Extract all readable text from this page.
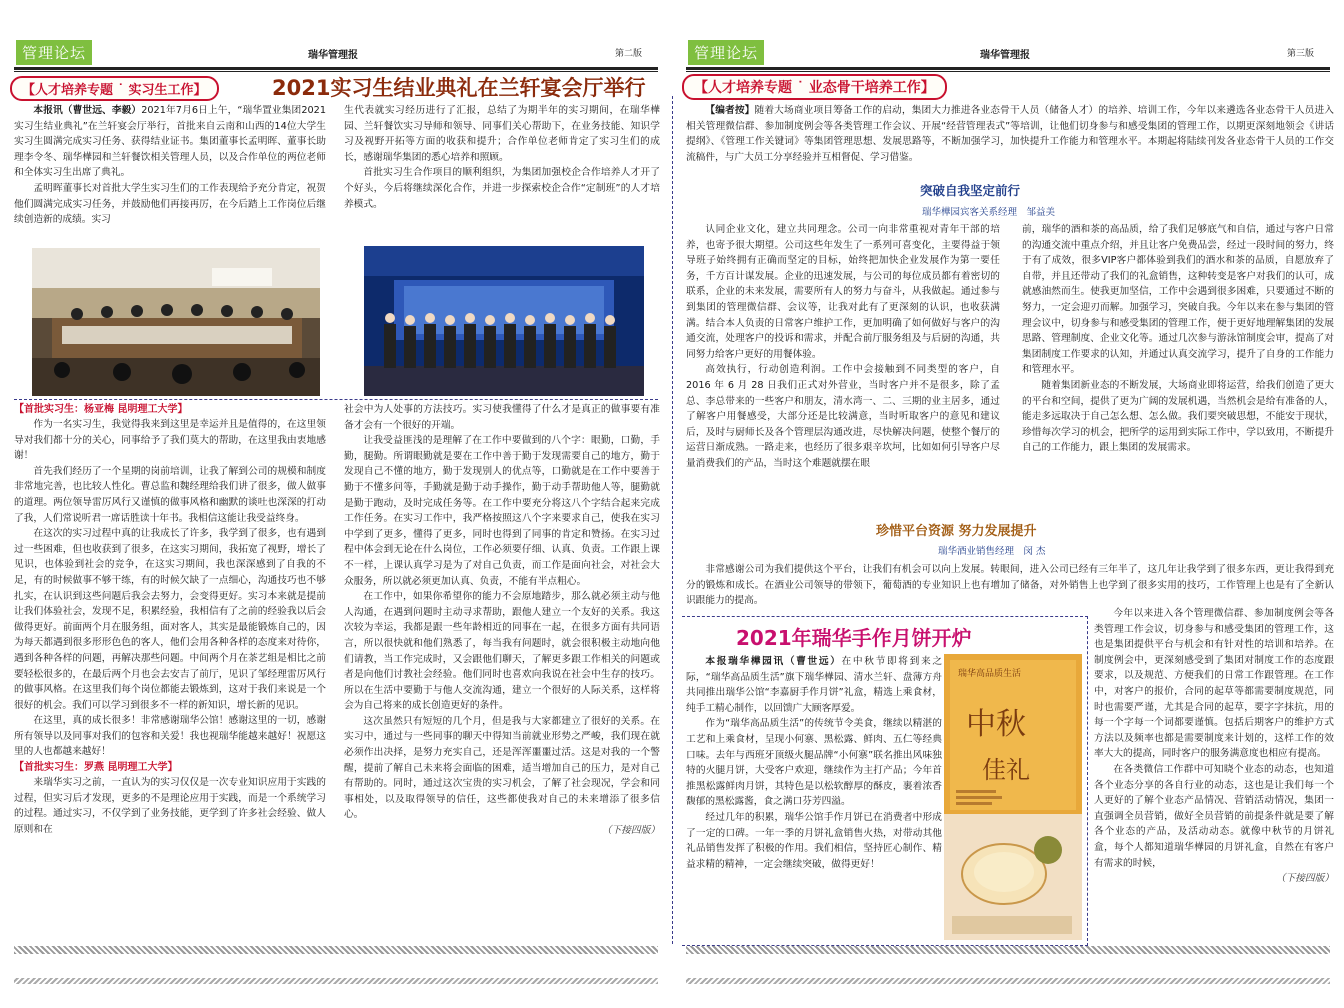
管理论坛	瑞华管理报	第二版
【人才培养专题 ˙ 实习生工作】	2021实习生结业典礼在兰轩宴会厅举行

本报讯（曹世远、李毅）2021年7月6日上午，“瑞华置业集团2021实习生结业典礼”在兰轩宴会厅举行，首批来自云南和山西的14位大学生实习生圆满完成实习任务、获得结业证书。集团董事长孟明晖、董事长助理李令冬、瑞华樺园和兰轩餐饮相关管理人员，以及合作单位的两位老师和全体实习生出席了典礼。

孟明晖董事长对首批大学生实习生们的工作表现给予充分肯定，祝贺他们圆满完成实习任务，并鼓励他们再接再厉，在今后踏上工作岗位后继续创造新的成绩。实习

生代表就实习经历进行了汇报，总结了为期半年的实习期间，在瑞华樺园、兰轩餐饮实习导师和领导、同事们关心帮助下，在业务技能、知识学习及视野开拓等方面的收获和提升；合作单位老师肯定了实习生们的成长，感谢瑞华集团的悉心培养和照顾。

首批实习生合作项目的顺利组织，为集团加强校企合作培养人才开了个好头，今后将继续深化合作，并进一步探索校企合作“定制班”的人才培养模式。

【首批实习生：杨亚梅 昆明理工大学】

作为一名实习生，我觉得我来到这里是幸运并且是值得的，在这里领导对我们都十分的关心，同事给予了我们莫大的帮助，在这里我由衷地感谢！

首先我们经历了一个星期的岗前培训，让我了解到公司的规模和制度非常地完善，也比较人性化。曹总监和魏经理给我们讲了很多，做人做事的道理。两位领导雷厉风行又谨慎的做事风格和幽默的谈吐也深深的打动了我，人们常说听君一席话胜读十年书。我相信这能让我受益终身。

在这次的实习过程中真的让我成长了许多，我学到了很多，也有遇到过一些困难，但也收获到了很多，在这实习期间，我拓宽了视野，增长了见识，也体验到社会的竞争，在这实习期间，我也深深感到了自我的不足，有的时候做事不够干练，有的时候欠缺了一点细心，沟通技巧也不够扎实，在认识到这些问题后我会去努力，会变得更好。实习本来就是提前让我们体验社会，发现不足，积累经验，我相信有了之前的经验我以后会做得更好。前面两个月在服务组，面对客人，其实是最能锻炼自己的，因为每天都遇到很多形形色色的客人，他们会用各种各样的态度来对待你，遇到各种各样的问题，再解决那些问题。中间两个月在茶艺组是相比之前要轻松很多的，在最后两个月也会去安吉了前厅，见识了邹经理雷厉风行的做事风格。在这里我们每个岗位都能去锻炼到，这对于我们来说是一个很好的机会。我们可以学习到很多不一样的新知识，增长新的见识。

在这里，真的成长很多！非常感谢瑞华公馆！感谢这里的一切，感谢所有领导以及同事对我们的包容和关爱！我也视瑞华能越来越好！祝愿这里的人也都越来越好！

【首批实习生：罗燕 昆明理工大学】

来瑞华实习之前，一直认为的实习仅仅是一次专业知识应用于实践的过程，但实习后才发现，更多的不是理论应用于实践，而是一个系统学习的过程。通过实习，不仅学到了业务技能，更学到了许多社会经验、做人原则和在

社会中为人处事的方法技巧。实习使我懂得了什么才是真正的做事要有准备才会有一个很好的开端。

让我受益匪浅的是理解了在工作中要做到的八个字：眼勤，口勤，手勤，腿勤。所谓眼勤就是要在工作中善于勤于发现需要自己的地方，勤于发现自己不懂的地方，勤于发现别人的优点等，口勤就是在工作中要善于勤于不懂多问等，手勤就是勤于动手操作，勤于动手帮助他人等，腿勤就是勤于跑动，及时完成任务等。在工作中要充分将这八个字结合起来完成工作任务。在实习工作中，我严格按照这八个字来要求自己，使我在实习中学到了更多，懂得了更多，同时也得到了同事的肯定和赞扬。在实习过程中体会到无论在什么岗位，工作必须要仔细、认真、负责。工作跟上课不一样，上课认真学习是为了对自己负责，而工作是面向社会，对社会大众服务，所以就必须更加认真、负责，不能有半点粗心。

在工作中，如果你希望你的能力不会原地踏步，那么就必须主动与他人沟通，在遇到问题时主动寻求帮助，跟他人建立一个友好的关系。我这次较为幸运，我都是跟一些年龄相近的同事在一起，在很多方面有共同语言，所以很快就和他们熟悉了，每当我有问题时，就会很积极主动地向他们请教，当工作完成时，又会跟他们聊天，了解更多跟工作相关的问题或者是向他们讨教社会经验。他们同时也喜欢向我说在社会中生存的技巧。所以在生活中要勤于与他人交流沟通，建立一个很好的人际关系，这样将会为自己将来的成长创造更好的条件。

这次虽然只有短短的几个月，但是我与大家都建立了很好的关系。在实习中，通过与一些同事的聊天中得知当前就业形势之严峻，我们现在就必须作出决择，是努力充实自己，还是浑浑噩噩过活。这是对我的一个警醒，提前了解自己未来将会面临的困难，适当增加自己的压力，是对自己有帮助的。同时，通过这次宝贵的实习机会，了解了社会现况，学会和同事相处，以及取得领导的信任，这些都使我对自己的未来增添了很多信心。

（下接四版）

管理论坛	瑞华管理报	第三版
【人才培养专题 ˙ 业态骨干培养工作】

【编者按】随着大场商业项目筹备工作的启动，集团大力推进各业态骨干人员（储备人才）的培养、培训工作，今年以来遴选各业态骨干人员进入相关管理微信群、参加制度例会等各类管理工作会议、开展“经营管理表式”等培训，让他们切身参与和感受集团的管理工作，以期更深刻地领会《讲话提纲》、《管理工作关键词》等集团管理思想、发展思路等，不断加强学习，加快提升工作能力和管理水平。本期起将陆续刊发各业态骨干人员的工作交流稿件，与广大员工分享经验并互相督促、学习借鉴。

突破自我坚定前行
瑞华樺园宾客关系经理　邹益美

认同企业文化，建立共同理念。公司一向非常重视对青年干部的培养，也寄予很大期望。公司这些年发生了一系列可喜变化，主要得益于领导班子始终拥有正确而坚定的目标，始终把加快企业发展作为第一要任务，千方百计谋发展。企业的迅速发展，与公司的每位成员都有着密切的联系，企业的未来发展，需要所有人的努力与奋斗，从我做起。通过参与到集团的管理微信群、会议等，让我对此有了更深刻的认识，也收获满满。结合本人负责的日常客户维护工作，更加明确了如何做好与客户的沟通交流，处理客户的投诉和需求，并配合前厅服务组及与后厨的沟通，共同努力给客户更好的用餐体验。

高效执行，行动创造利润。工作中会接触到不同类型的客户，自 2016 年 6 月 28 日我们正式对外营业，当时客户并不是很多，除了孟总、李总带来的一些客户和朋友，清水湾一、二、三期的业主居多，通过了解客户用餐感受，大部分还是比较满意，当时听取客户的意见和建议后，及时与厨师长及各个管理层沟通改进，尽快解决问题，使整个餐厅的运营日渐成熟。一路走来，也经历了很多艰辛坎坷，比如如何引导客户尽量消费我们的产品，当时这个难题就摆在眼

前，瑞华的酒和茶的高品质，给了我们足够底气和自信，通过与客户日常的沟通交流中重点介绍，并且让客户免费品尝，经过一段时间的努力，终于有了成效，很多VIP客户都体验到我们的酒水和茶的品质，自愿放弃了自带，并且还带动了我们的礼盒销售，这种转变是客户对我们的认可，成就感油然而生。使我更加坚信，工作中会遇到很多困难，只要通过不断的努力，一定会迎刃而解。加强学习，突破自我。今年以来在参与集团的管理会议中，切身参与和感受集团的管理工作，便于更好地理解集团的发展思路、管理制度、企业文化等。通过几次参与游泳馆制度会审，提高了对集团制度工作要求的认知，并通过认真交流学习，提升了自身的工作能力和管理水平。

随着集团新业态的不断发展，大场商业即将运营，给我们创造了更大的平台和空间，提供了更为广阔的发展机遇，当然机会是给有准备的人，能走多远取决于自己怎么想、怎么做。我们要突破思想，不能安于现状，珍惜每次学习的机会，把所学的运用到实际工作中，学以致用，不断提升自己的工作能力，跟上集团的发展需求。

珍惜平台资源 努力发展提升
瑞华酒业销售经理　闵 杰

非常感谢公司为我们提供这个平台，让我们有机会可以向上发展。转眼间，进入公司已经有三年半了，这几年让我学到了很多东西，更让我得到充分的锻炼和成长。在酒业公司领导的带领下，葡萄酒的专业知识上也有增加了储备，对外销售上也学到了很多实用的技巧，工作管理上也是有了全新认识跟能力的提高。

2021年瑞华手作月饼开炉

本报瑞华樺园讯（曹世远）在中秋节即将到来之际，“瑞华高品质生活”旗下瑞华樺园、清水兰轩、盘薄方舟共同推出瑞华公馆“李嘉厨手作月饼”礼盒，精选上乘食材，纯手工精心制作，以回馈广大顾客厚爱。

作为“瑞华高品质生活”的传统节令美食，继续以精湛的工艺和上乘食材，呈现小何寨、黑松露、鲜肉、五仁等经典口味。去年与西班牙顶级火腿品牌“小何寨”联名推出风味独特的火腿月饼，大受客户欢迎，继续作为主打产品；今年首推黑松露鲜肉月饼，其特色是以松软醇厚的酥皮，裹着浓香馥郁的黑松露酱，食之满口芬芳四溢。

经过几年的积累，瑞华公馆手作月饼已在消费者中形成了一定的口碑。一年一季的月饼礼盒销售火热，对带动其他礼品销售发挥了积极的作用。我们相信，坚持匠心制作、精益求精的精神，一定会继续突破，做得更好！

瑞华高品质生活
中秋
佳礼

今年以来进入各个管理微信群、参加制度例会等各类管理工作会议，切身参与和感受集团的管理工作，这也是集团提供平台与机会和有针对性的培训和培养。在制度例会中，更深刻感受到了集团对制度工作的态度跟要求，以及规范、方便我们的日常工作跟管理。在工作中，对客户的报价，合同的起草等都需要制度规范，同时也需要严谨，尤其是合同的起草，要字字抹抗，用的每一个字每一个词都要谨慎。包括后期客户的维护方式方法以及频率也都是需要制度来计划的，这样工作的效率大大的提高，同时客户的服务满意度也相应有提高。

在各类微信工作群中可知晓个业态的动态，也知道各个业态分享的各自行业的动态，这也是让我们每一个人更好的了解个业态产品情况、营销活动情况，集团一直强调全员营销，做好全员营销的前提条件就是要了解各个业态的产品，及活动动态。就像中秋节的月饼礼盒，每个人都知道瑞华樺园的月饼礼盒，自然在有客户有需求的时候，

（下接四版）
